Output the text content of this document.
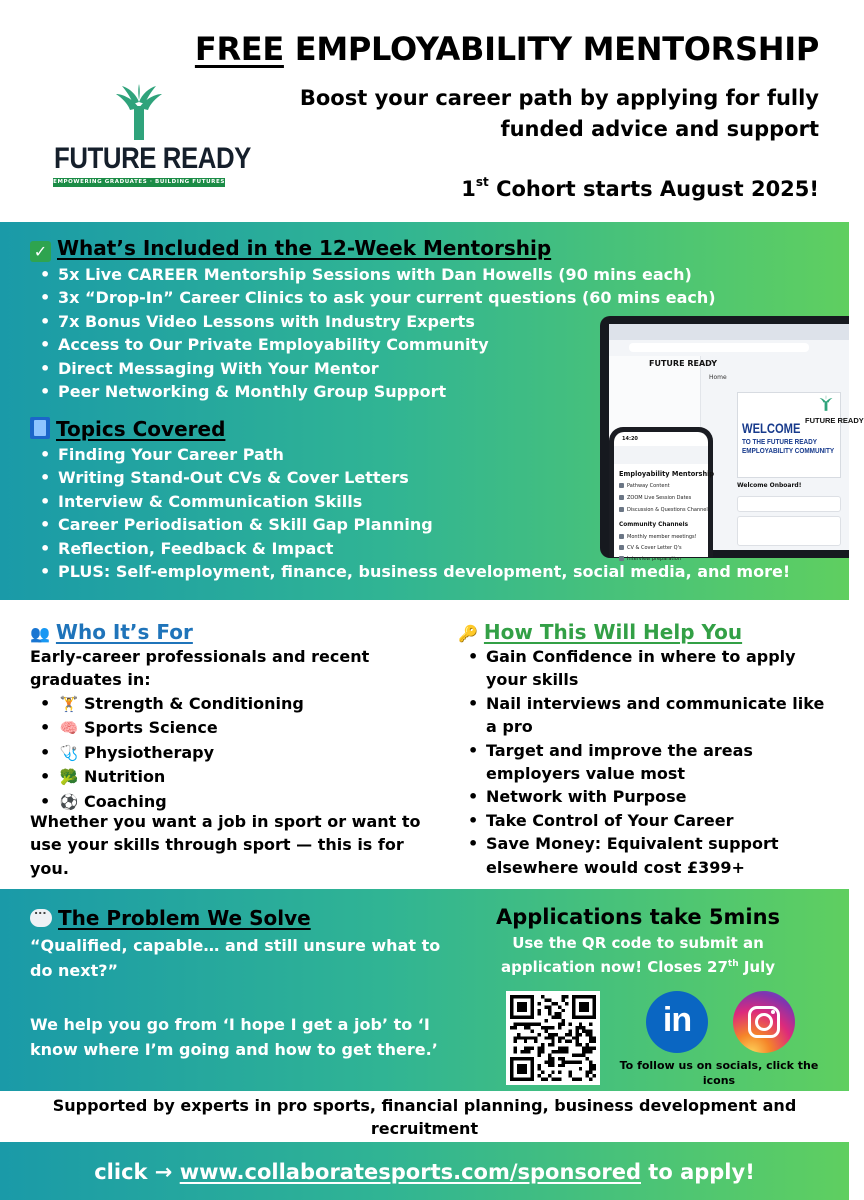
FUTURE READY
EMPOWERING GRADUATES · BUILDING FUTURES
FREE EMPLOYABILITY MENTORSHIP

Boost your career path by applying for fully funded advice and support

1st Cohort starts August 2025!

✓ What’s Included in the 12-Week Mentorship
• 5x Live CAREER Mentorship Sessions with Dan Howells (90 mins each)
• 3x “Drop-In” Career Clinics to ask your current questions (60 mins each)
• 7x Bonus Video Lessons with Industry Experts
• Access to Our Private Employability Community
• Direct Messaging With Your Mentor
• Peer Networking & Monthly Group Support
Topics Covered
• Finding Your Career Path
• Writing Stand-Out CVs & Cover Letters
• Interview & Communication Skills
• Career Periodisation & Skill Gap Planning
• Reflection, Feedback & Impact
• PLUS: Self-employment, finance, business development, social media, and more!
FUTURE READY
Home
FUTURE READY
WELCOME
TO THE FUTURE READY
EMPLOYABILITY COMMUNITY
Welcome Onboard!
14:20
Employability Mentorship
Pathway Content
ZOOM Live Session Dates
Discussion & Questions Channel
Community Channels
Monthly member meetings!
CV & Cover Letter Q's
Interview preparation
👥 Who It’s For

Early-career professionals and recent graduates in:

• 🏋 Strength & Conditioning
• 🧠 Sports Science
• 🩺 Physiotherapy
• 🥦 Nutrition
• ⚽ Coaching

Whether you want a job in sport or want to use your skills through sport — this is for you.

🔑 How This Will Help You
• Gain Confidence in where to apply your skills
• Nail interviews and communicate like a pro
• Target and improve the areas employers value most
• Network with Purpose
• Take Control of Your Career
• Save Money: Equivalent support elsewhere would cost £399+
...The Problem We Solve

“Qualified, capable… and still unsure what to do next?”

We help you go from ‘I hope I get a job’ to ‘I know where I’m going and how to get there.’

Applications take 5mins
Use the QR code to submit an application now! Closes 27th July
in
To follow us on socials, click the icons

Supported by experts in pro sports, financial planning, business development and recruitment

click → www.collaboratesports.com/sponsored to apply!
